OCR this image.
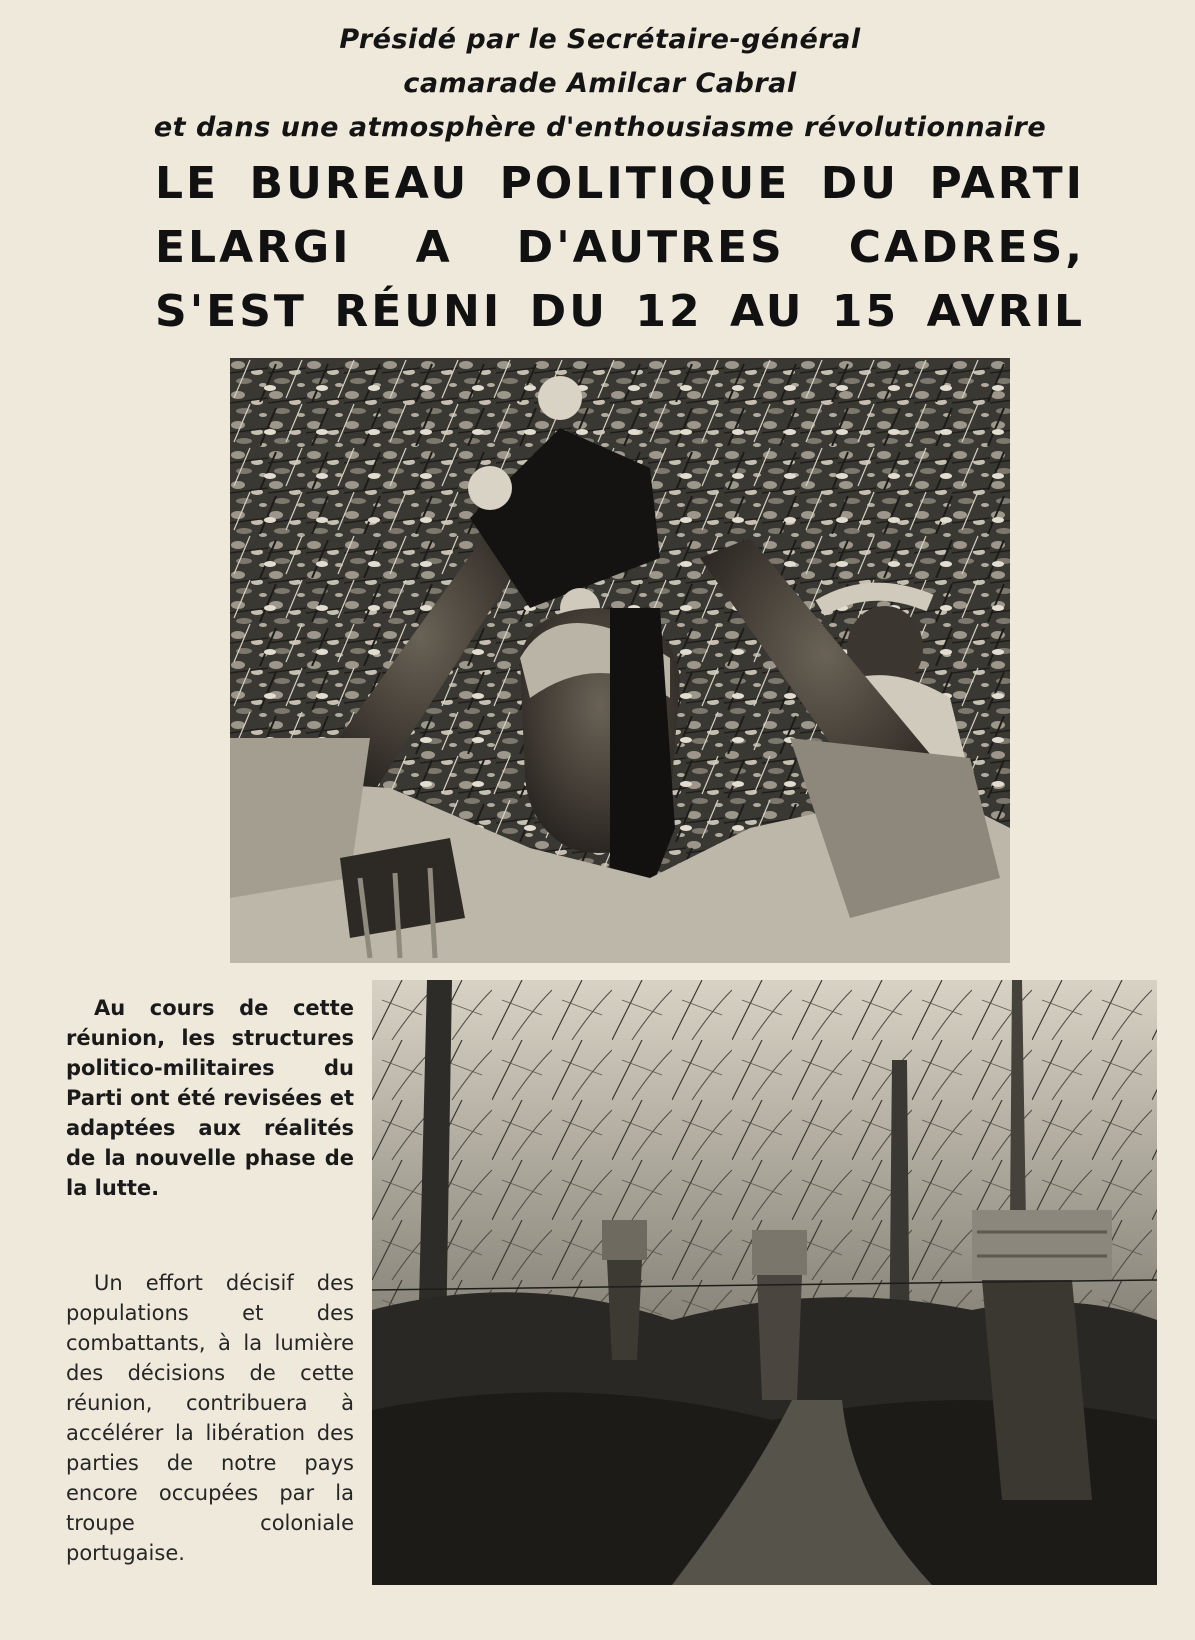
Présidé par le Secrétaire-général
camarade Amilcar Cabral
et dans une atmosphère d'enthousiasme révolutionnaire
LE BUREAU POLITIQUE DU PARTI
ELARGI A D'AUTRES CADRES,
S'EST RÉUNI DU 12 AU 15 AVRIL
Au cours de cette réunion, les structures politico-militaires du Parti ont été revisées et adaptées aux réalités de la nouvelle phase de la lutte.
Un effort décisif des populations et des combattants, à la lumière des décisions de cette réunion, contribuera à accélérer la libération des parties de notre pays encore occupées par la troupe coloniale portugaise.
